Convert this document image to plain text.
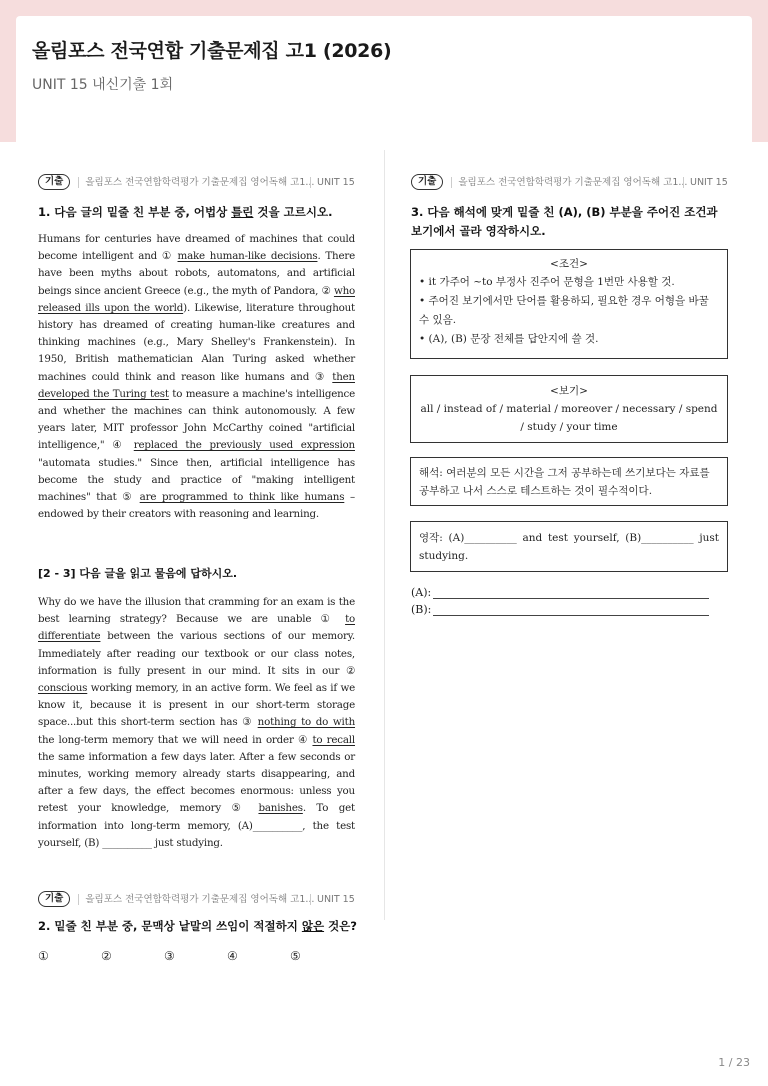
올림포스 전국연합 기출문제집 고1 (2026)
UNIT 15 내신기출 1회
기출	올림포스 전국연합학력평가 기출문제집 영어독해 고1... UNIT 15
1. 다음 글의 밑줄 친 부분 중, 어법상 틀린 것을 고르시오.
Humans for centuries have dreamed of machines that could become intelligent and ① make human-like decisions. There have been myths about robots, automatons, and artificial beings since ancient Greece (e.g., the myth of Pandora, ② who released ills upon the world). Likewise, literature throughout history has dreamed of creating human-like creatures and thinking machines (e.g., Mary Shelley's Frankenstein). In 1950, British mathematician Alan Turing asked whether machines could think and reason like humans and ③ then developed the Turing test to measure a machine's intelligence and whether the machines can think autonomously. A few years later, MIT professor John McCarthy coined "artificial intelligence," ④ replaced the previously used expression "automata studies." Since then, artificial intelligence has become the study and practice of "making intelligent machines" that ⑤ are programmed to think like humans – endowed by their creators with reasoning and learning.
[2 - 3] 다음 글을 읽고 물음에 답하시오.
Why do we have the illusion that cramming for an exam is the best learning strategy? Because we are unable ① to differentiate between the various sections of our memory. Immediately after reading our textbook or our class notes, information is fully present in our mind. It sits in our ② conscious working memory, in an active form. We feel as if we know it, because it is present in our short-term storage space...but this short-term section has ③ nothing to do with the long-term memory that we will need in order ④ to recall the same information a few days later. After a few seconds or minutes, working memory already starts disappearing, and after a few days, the effect becomes enormous: unless you retest your knowledge, memory ⑤ banishes. To get information into long-term memory, (A)__________, the test yourself, (B) __________ just studying.
기출	올림포스 전국연합학력평가 기출문제집 영어독해 고1... UNIT 15
2. 밑줄 친 부분 중, 문맥상 낱말의 쓰임이 적절하지 않은 것은?
①	②	③	④	⑤
기출	올림포스 전국연합학력평가 기출문제집 영어독해 고1... UNIT 15
3. 다음 해석에 맞게 밑줄 친 (A), (B) 부분을 주어진 조건과 보기에서 골라 영작하시오.
<조건>
• it 가주어 ~to 부정사 진주어 문형을 1번만 사용할 것.
• 주어진 보기에서만 단어를 활용하되, 필요한 경우 어형을 바꿀 수 있음.
• (A), (B) 문장 전체를 답안지에 쓸 것.
<보기>
all / instead of / material / moreover / necessary / spend / study / your time
해석: 여러분의 모든 시간을 그저 공부하는데 쓰기보다는 자료를 공부하고 나서 스스로 테스트하는 것이 필수적이다.
영작: (A)__________ and test yourself, (B)__________ just studying.
(A):
(B):
1 / 23
